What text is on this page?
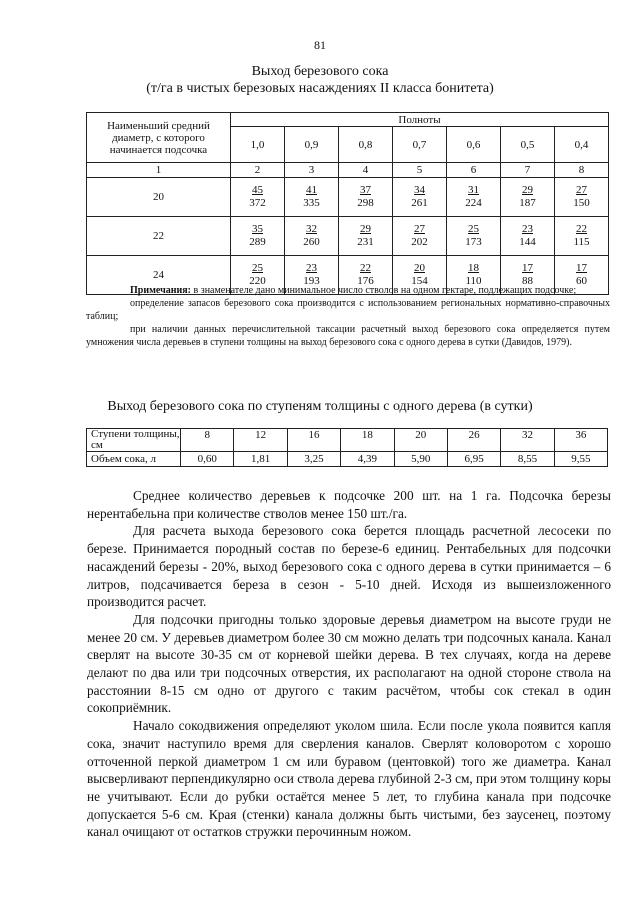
81
Выход березового сока
(т/га в чистых березовых насаждениях II класса бонитета)
Наименьший средний диаметр, с которого начинается подсочка	Полноты						
	1,0	0,9	0,8	0,7	0,6	0,5	0,4
1	2	3	4	5	6	7	8
20	$\frac{45}{372}$	$\frac{41}{335}$	$\frac{37}{298}$	$\frac{34}{261}$	$\frac{31}{224}$	$\frac{29}{187}$	$\frac{27}{150}$

22	$\frac{35}{289}$	$\frac{32}{260}$	$\frac{29}{231}$	$\frac{27}{202}$	$\frac{25}{173}$	$\frac{23}{144}$	$\frac{22}{115}$

24	$\frac{25}{220}$	$\frac{23}{193}$	$\frac{22}{176}$	$\frac{20}{154}$	$\frac{18}{110}$	$\frac{17}{88}$	$\frac{17}{60}$

Примечания: в знаменателе дано минимальное число стволов на одном гектаре, подлежащих подсочке;

определение запасов березового сока производится с использованием региональных нормативно-справочных таблиц;

при наличии данных перечислительной таксации расчетный выход березового сока определяется путем умножения числа деревьев в ступени толщины на выход березового сока с одного дерева в сутки (Давидов, 1979).

Выход березового сока по ступеням толщины с одного дерева (в сутки)
Ступени толщины, см	8	12	16	18	20	26	32	36
Объем сока, л	0,60	1,81	3,25	4,39	5,90	6,95	8,55	9,55

Среднее количество деревьев к подсочке 200 шт. на 1 га. Подсочка березы нерентабельна при количестве стволов менее 150 шт./га.

Для расчета выхода березового сока берется площадь расчетной лесосеки по березе. Принимается породный состав по березе-6 единиц. Рентабельных для подсочки насаждений березы - 20%, выход березового сока с одного дерева в сутки принимается – 6 литров, подсачивается береза в сезон - 5-10 дней. Исходя из вышеизложенного производится расчет.

Для подсочки пригодны только здоровые деревья диаметром на высоте груди не менее 20 см. У деревьев диаметром более 30 см можно делать три подсочных канала. Канал сверлят на высоте 30-35 см от корневой шейки дерева. В тех случаях, когда на дереве делают по два или три подсочных отверстия, их располагают на одной стороне ствола на расстоянии 8-15 см одно от другого с таким расчётом, чтобы сок стекал в один сокоприёмник.

Начало сокодвижения определяют уколом шила. Если после укола появится капля сока, значит наступило время для сверления каналов. Сверлят коловоротом с хорошо отточенной перкой диаметром 1 см или буравом (центовкой) того же диаметра. Канал высверливают перпендикулярно оси ствола дерева глубиной 2-3 см, при этом толщину коры не учитывают. Если до рубки остаётся менее 5 лет, то глубина канала при подсочке допускается 5-6 см. Края (стенки) канала должны быть чистыми, без заусенец, поэтому канал очищают от остатков стружки перочинным ножом.
